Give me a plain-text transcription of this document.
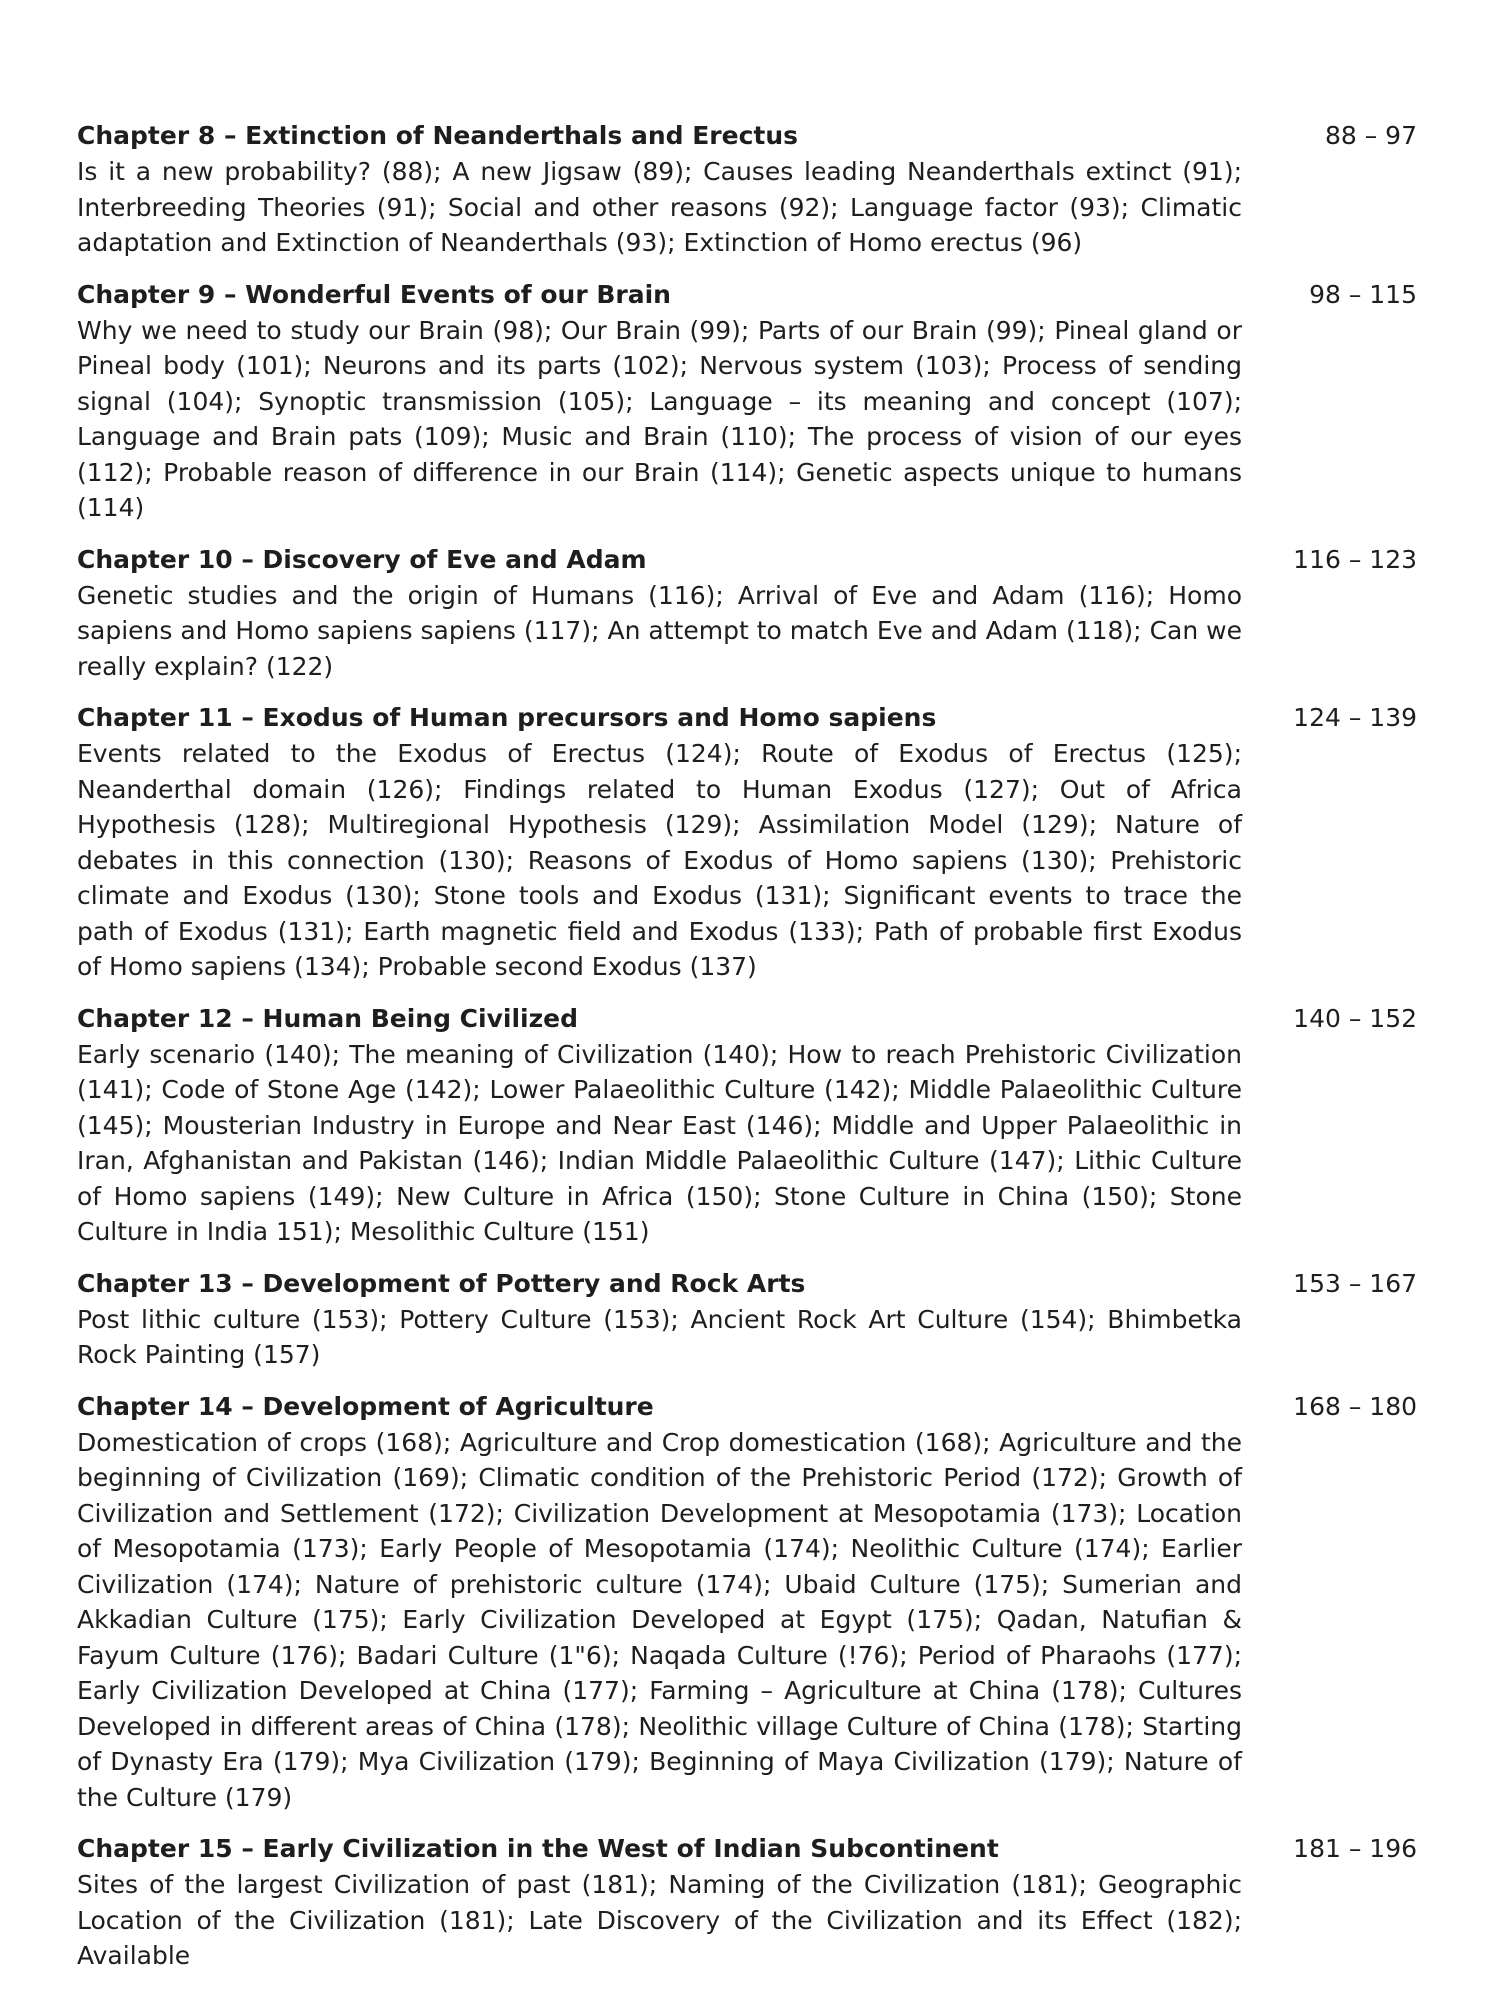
Chapter 8 – Extinction of Neanderthals and Erectus	88 – 97

Is it a new probability? (88); A new Jigsaw (89); Causes leading Neanderthals extinct (91); Interbreeding Theories (91); Social and other reasons (92); Language factor (93); Climatic adaptation and Extinction of Neanderthals (93); Extinction of Homo erectus (96)

Chapter 9 – Wonderful Events of our Brain	98 – 115

Why we need to study our Brain (98); Our Brain (99); Parts of our Brain (99); Pineal gland or Pineal body (101); Neurons and its parts (102); Nervous system (103); Process of sending signal (104); Synoptic transmission (105); Language – its meaning and concept (107); Language and Brain pats (109); Music and Brain (110); The process of vision of our eyes (112); Probable reason of difference in our Brain (114); Genetic aspects unique to humans (114)

Chapter 10 – Discovery of Eve and Adam	116 – 123

Genetic studies and the origin of Humans (116); Arrival of Eve and Adam (116); Homo sapiens and Homo sapiens sapiens (117); An attempt to match Eve and Adam (118); Can we really explain? (122)

Chapter 11 – Exodus of Human precursors and Homo sapiens	124 – 139

Events related to the Exodus of Erectus (124); Route of Exodus of Erectus (125); Neanderthal domain (126); Findings related to Human Exodus (127); Out of Africa Hypothesis (128); Multiregional Hypothesis (129); Assimilation Model (129); Nature of debates in this connection (130); Reasons of Exodus of Homo sapiens (130); Prehistoric climate and Exodus (130); Stone tools and Exodus (131); Significant events to trace the path of Exodus (131); Earth magnetic field and Exodus (133); Path of probable first Exodus of Homo sapiens (134); Probable second Exodus (137)

Chapter 12 – Human Being Civilized	140 – 152

Early scenario (140); The meaning of Civilization (140); How to reach Prehistoric Civilization (141); Code of Stone Age (142); Lower Palaeolithic Culture (142); Middle Palaeolithic Culture (145); Mousterian Industry in Europe and Near East (146); Middle and Upper Palaeolithic in Iran, Afghanistan and Pakistan (146); Indian Middle Palaeolithic Culture (147); Lithic Culture of Homo sapiens (149); New Culture in Africa (150); Stone Culture in China (150); Stone Culture in India 151); Mesolithic Culture (151)

Chapter 13 – Development of Pottery and Rock Arts	153 – 167

Post lithic culture (153); Pottery Culture (153); Ancient Rock Art Culture (154); Bhimbetka Rock Painting (157)

Chapter 14 – Development of Agriculture	168 – 180

Domestication of crops (168); Agriculture and Crop domestication (168); Agriculture and the beginning of Civilization (169); Climatic condition of the Prehistoric Period (172); Growth of Civilization and Settlement (172); Civilization Development at Mesopotamia (173); Location of Mesopotamia (173); Early People of Mesopotamia (174); Neolithic Culture (174); Earlier Civilization (174); Nature of prehistoric culture (174); Ubaid Culture (175); Sumerian and Akkadian Culture (175); Early Civilization Developed at Egypt (175); Qadan, Natufian & Fayum Culture (176); Badari Culture (1"6); Naqada Culture (!76); Period of Pharaohs (177); Early Civilization Developed at China (177); Farming – Agriculture at China (178); Cultures Developed in different areas of China (178); Neolithic village Culture of China (178); Starting of Dynasty Era (179); Mya Civilization (179); Beginning of Maya Civilization (179); Nature of the Culture (179)

Chapter 15 – Early Civilization in the West of Indian Subcontinent	181 – 196

Sites of the largest Civilization of past (181); Naming of the Civilization (181); Geographic Location of the Civilization (181); Late Discovery of the Civilization and its Effect (182); Available
